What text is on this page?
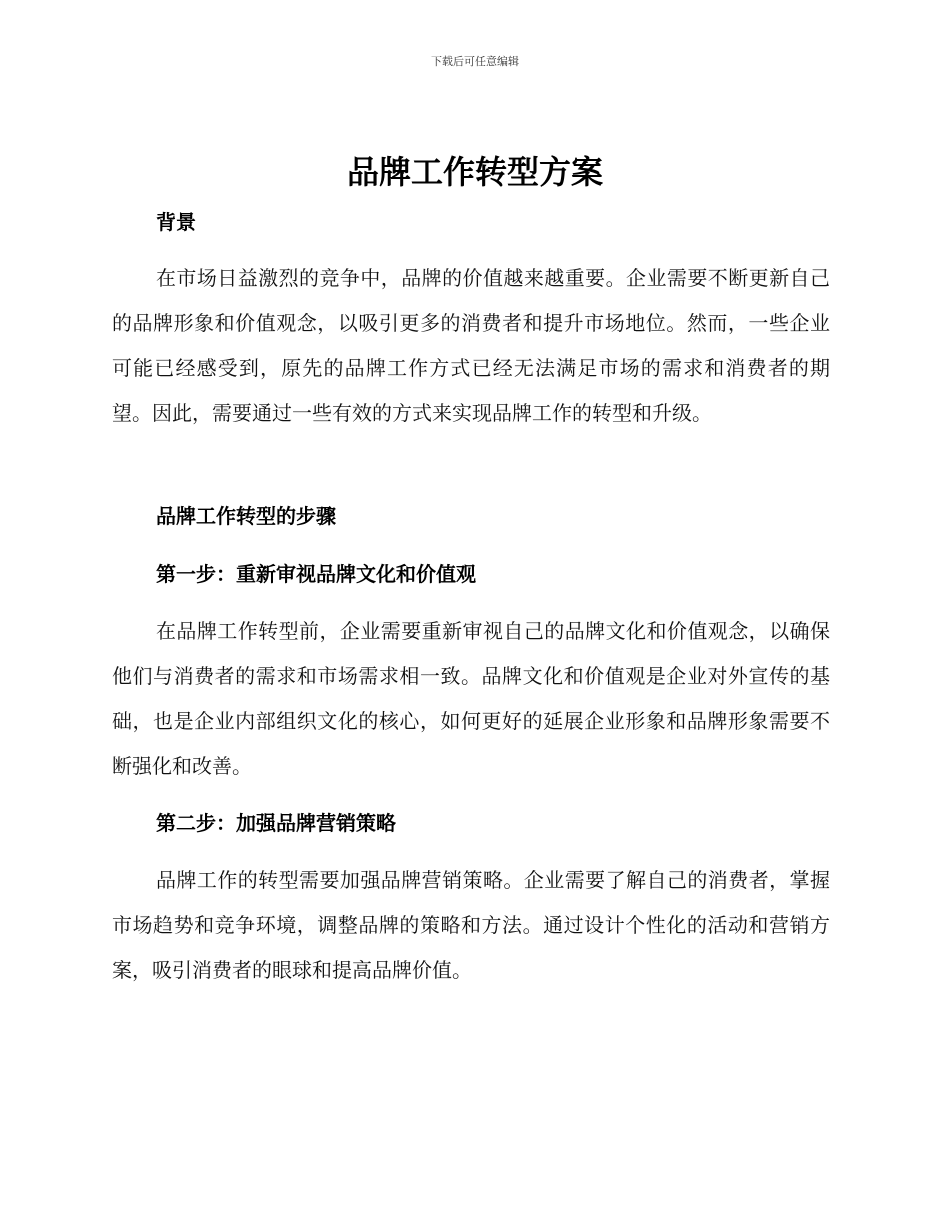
下载后可任意编辑
品牌工作转型方案
背景
在市场日益激烈的竞争中，品牌的价值越来越重要。企业需要不断更新自己的品牌形象和价值观念，以吸引更多的消费者和提升市场地位。然而，一些企业可能已经感受到，原先的品牌工作方式已经无法满足市场的需求和消费者的期望。因此，需要通过一些有效的方式来实现品牌工作的转型和升级。
品牌工作转型的步骤
第一步：重新审视品牌文化和价值观
在品牌工作转型前，企业需要重新审视自己的品牌文化和价值观念，以确保他们与消费者的需求和市场需求相一致。品牌文化和价值观是企业对外宣传的基础，也是企业内部组织文化的核心，如何更好的延展企业形象和品牌形象需要不断强化和改善。
第二步：加强品牌营销策略
品牌工作的转型需要加强品牌营销策略。企业需要了解自己的消费者，掌握市场趋势和竞争环境，调整品牌的策略和方法。通过设计个性化的活动和营销方案，吸引消费者的眼球和提高品牌价值。
